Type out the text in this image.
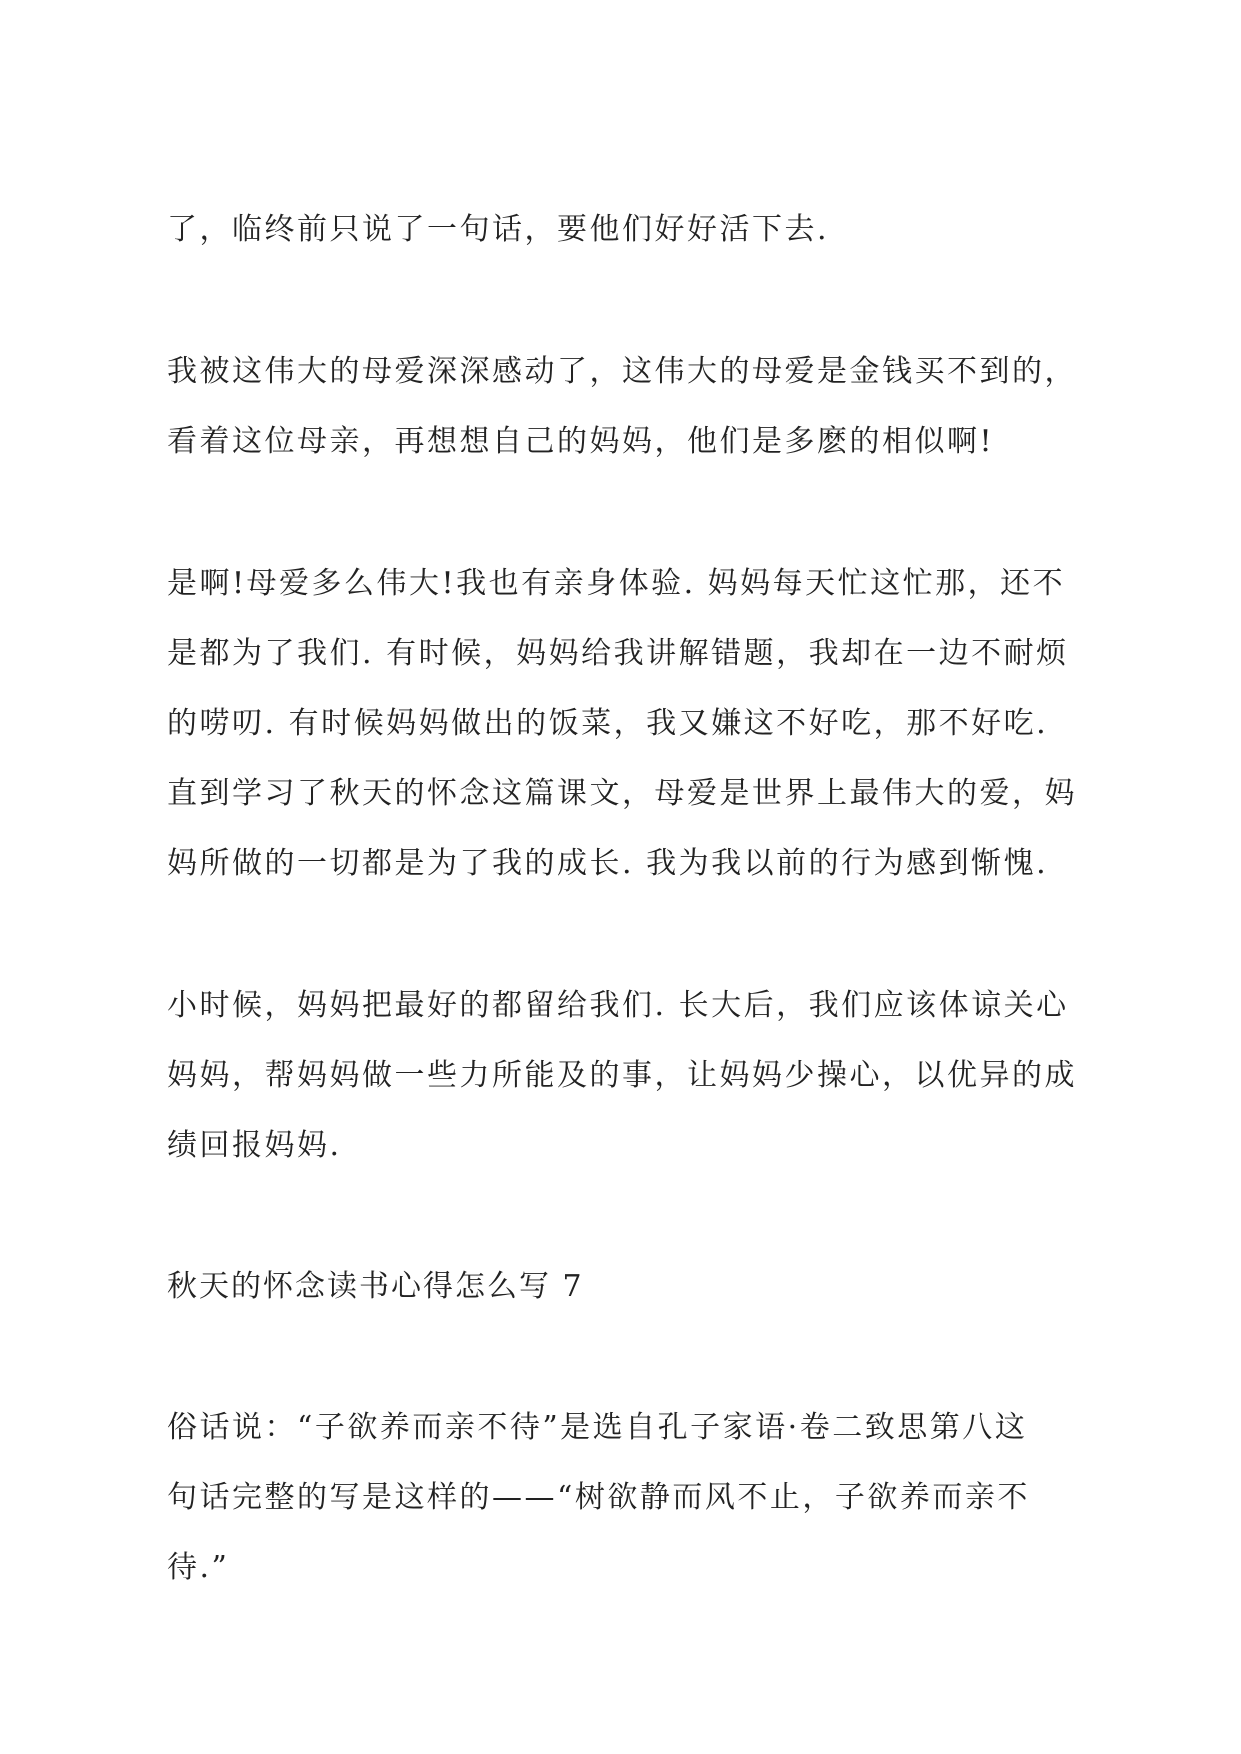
了，临终前只说了一句话，要他们好好活下去.

我被这伟大的母爱深深感动了，这伟大的母爱是金钱买不到的，

看着这位母亲，再想想自己的妈妈，他们是多麽的相似啊!

是啊!母爱多么伟大!我也有亲身体验. 妈妈每天忙这忙那，还不

是都为了我们. 有时候，妈妈给我讲解错题，我却在一边不耐烦

的唠叨. 有时候妈妈做出的饭菜，我又嫌这不好吃，那不好吃.

直到学习了秋天的怀念这篇课文，母爱是世界上最伟大的爱，妈

妈所做的一切都是为了我的成长. 我为我以前的行为感到惭愧.

小时候，妈妈把最好的都留给我们. 长大后，我们应该体谅关心

妈妈，帮妈妈做一些力所能及的事，让妈妈少操心，以优异的成

绩回报妈妈.

秋天的怀念读书心得怎么写 7

俗话说：“子欲养而亲不待”是选自孔子家语·卷二致思第八这

句话完整的写是这样的——“树欲静而风不止，子欲养而亲不

待.”
